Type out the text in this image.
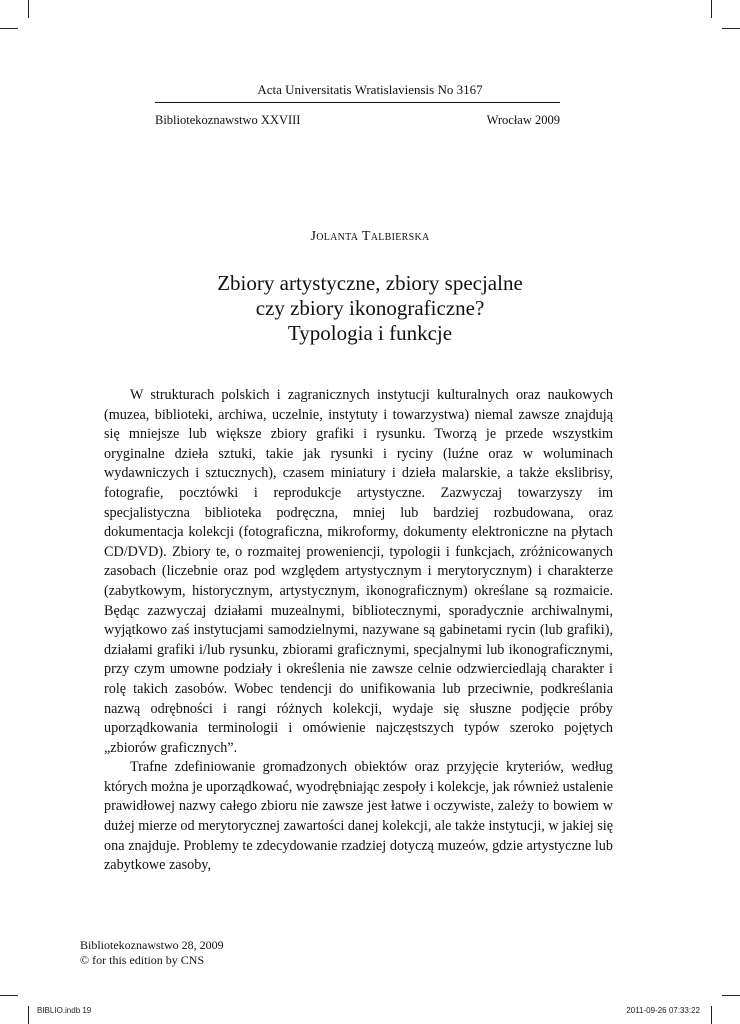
Acta Universitatis Wratislaviensis No 3167
Bibliotekoznawstwo XXVIII	Wrocław 2009
Jolanta Talbierska
Zbiory artystyczne, zbiory specjalne
czy zbiory ikonograficzne?
Typologia i funkcje

W strukturach polskich i zagranicznych instytucji kulturalnych oraz naukowych (muzea, biblioteki, archiwa, uczelnie, instytuty i towarzystwa) niemal zawsze znajdują się mniejsze lub większe zbiory grafiki i rysunku. Tworzą je przede wszystkim oryginalne dzieła sztuki, takie jak rysunki i ryciny (luźne oraz w woluminach wydawniczych i sztucznych), czasem miniatury i dzieła malarskie, a także ekslibrisy, fotografie, pocztówki i reprodukcje artystyczne. Zazwyczaj towarzyszy im specjalistyczna biblioteka podręczna, mniej lub bardziej rozbudowana, oraz dokumentacja kolekcji (fotograficzna, mikroformy, dokumenty elektroniczne na płytach CD/DVD). Zbiory te, o rozmaitej proweniencji, typologii i funkcjach, zróżnicowanych zasobach (liczebnie oraz pod względem artystycznym i merytorycznym) i charakterze (zabytkowym, historycznym, artystycznym, ikonograficznym) określane są rozmaicie. Będąc zazwyczaj działami muzealnymi, bibliotecznymi, sporadycznie archiwalnymi, wyjątkowo zaś instytucjami samodzielnymi, nazywane są gabinetami rycin (lub grafiki), działami grafiki i/lub rysunku, zbiorami graficznymi, specjalnymi lub ikonograficznymi, przy czym umowne podziały i określenia nie zawsze celnie odzwierciedlają charakter i rolę takich zasobów. Wobec tendencji do unifikowania lub przeciwnie, podkreślania nazwą odrębności i rangi różnych kolekcji, wydaje się słuszne podjęcie próby uporządkowania terminologii i omówienie najczęstszych typów szeroko pojętych „zbiorów graficznych”.

Trafne zdefiniowanie gromadzonych obiektów oraz przyjęcie kryteriów, według których można je uporządkować, wyodrębniając zespoły i kolekcje, jak również ustalenie prawidłowej nazwy całego zbioru nie zawsze jest łatwe i oczywiste, zależy to bowiem w dużej mierze od merytorycznej zawartości danej kolekcji, ale także instytucji, w jakiej się ona znajduje. Problemy te zdecydowanie rzadziej dotyczą muzeów, gdzie artystyczne lub zabytkowe zasoby,

Bibliotekoznawstwo 28, 2009
© for this edition by CNS
BIBLIO.indb 19	2011-09-26 07:33:22
